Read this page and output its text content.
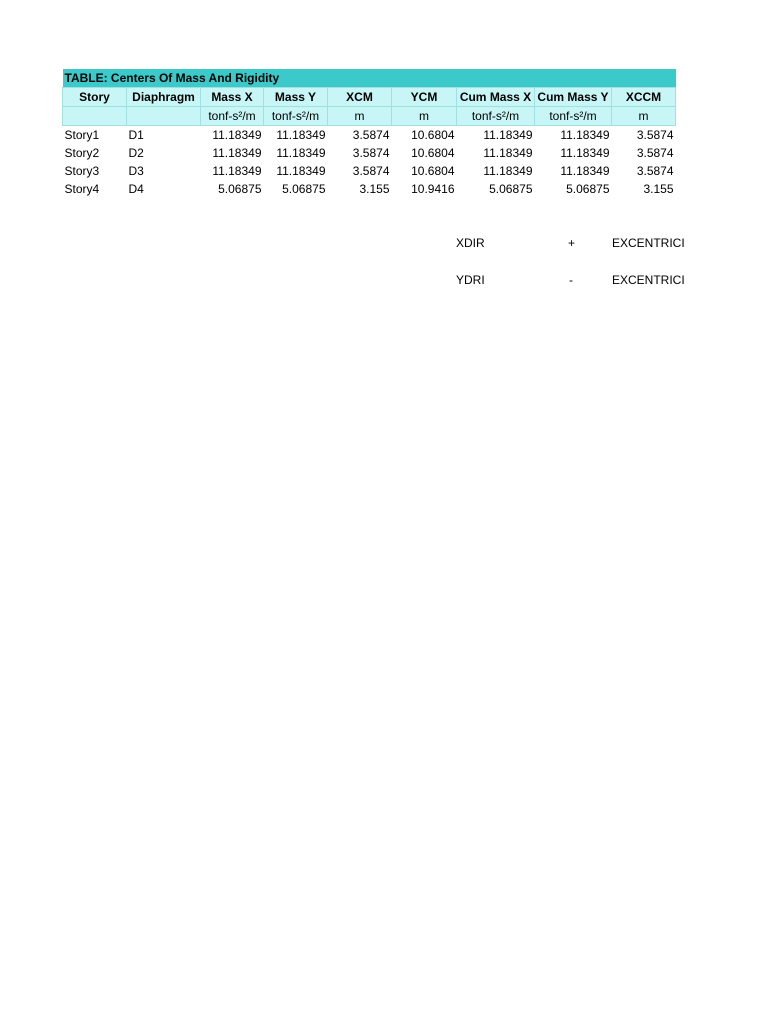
TABLE: Centers Of Mass And Rigidity								
Story	Diaphragm	Mass X	Mass Y	XCM	YCM	Cum Mass X	Cum Mass Y	XCCM
		tonf-s²/m	tonf-s²/m	m	m	tonf-s²/m	tonf-s²/m	m
Story1	D1	11.18349	11.18349	3.5874	10.6804	11.18349	11.18349	3.5874
Story2	D2	11.18349	11.18349	3.5874	10.6804	11.18349	11.18349	3.5874
Story3	D3	11.18349	11.18349	3.5874	10.6804	11.18349	11.18349	3.5874
Story4	D4	5.06875	5.06875	3.155	10.9416	5.06875	5.06875	3.155
XDIR	+	EXCENTRICI
YDRI	-	EXCENTRICI
